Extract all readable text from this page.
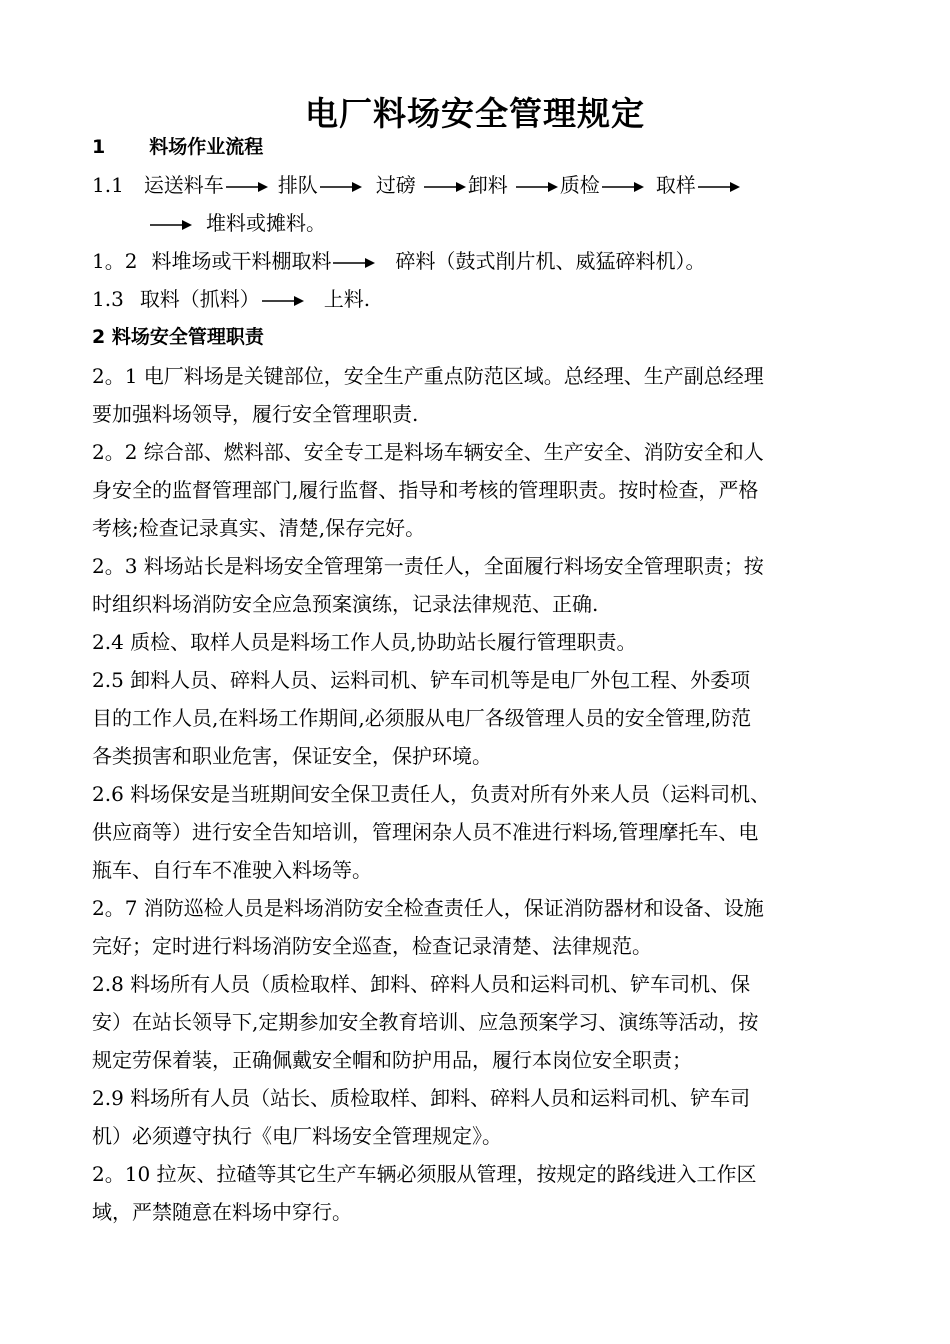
电厂料场安全管理规定
1 料场作业流程
1.1 运送料车	排队	过磅	卸料	质检	取样
堆料或摊料。
1。2 料堆场或干料棚取料	碎料（鼓式削片机、威猛碎料机）。
1.3 取料（抓料）	上料.
2 料场安全管理职责
2。1 电厂料场是关键部位，安全生产重点防范区域。总经理、生产副总经理
要加强料场领导，履行安全管理职责.
2。2 综合部、燃料部、安全专工是料场车辆安全、生产安全、消防安全和人
身安全的监督管理部门,履行监督、指导和考核的管理职责。按时检查，严格
考核;检查记录真实、清楚,保存完好。
2。3 料场站长是料场安全管理第一责任人，全面履行料场安全管理职责；按
时组织料场消防安全应急预案演练，记录法律规范、正确.
2.4 质检、取样人员是料场工作人员,协助站长履行管理职责。
2.5 卸料人员、碎料人员、运料司机、铲车司机等是电厂外包工程、外委项
目的工作人员,在料场工作期间,必须服从电厂各级管理人员的安全管理,防范
各类损害和职业危害，保证安全，保护环境。
2.6 料场保安是当班期间安全保卫责任人，负责对所有外来人员（运料司机、
供应商等）进行安全告知培训，管理闲杂人员不准进行料场,管理摩托车、电
瓶车、自行车不准驶入料场等。
2。7 消防巡检人员是料场消防安全检查责任人，保证消防器材和设备、设施
完好；定时进行料场消防安全巡查，检查记录清楚、法律规范。
2.8 料场所有人员（质检取样、卸料、碎料人员和运料司机、铲车司机、保
安）在站长领导下,定期参加安全教育培训、应急预案学习、演练等活动，按
规定劳保着装，正确佩戴安全帽和防护用品，履行本岗位安全职责；
2.9 料场所有人员（站长、质检取样、卸料、碎料人员和运料司机、铲车司
机）必须遵守执行《电厂料场安全管理规定》。
2。10 拉灰、拉碴等其它生产车辆必须服从管理，按规定的路线进入工作区
域，严禁随意在料场中穿行。
